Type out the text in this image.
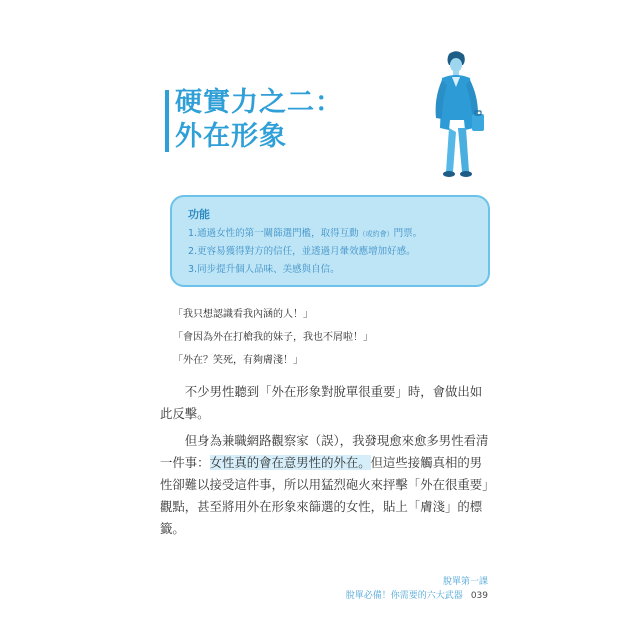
硬實力之二：
外在形象
功能
1.通過女性的第一關篩選門檻，取得互動（或約會）門票。
2.更容易獲得對方的信任，並透過月暈效應增加好感。
3.同步提升個人品味、美感與自信。
「我只想認識看我內涵的人！」
「會因為外在打槍我的妹子，我也不屑啦！」
「外在？笑死，有夠膚淺！」

不少男性聽到「外在形象對脫單很重要」時，會做出如此反擊。

但身為兼職網路觀察家（誤），我發現愈來愈多男性看清一件事：女性真的會在意男性的外在。但這些接觸真相的男性卻難以接受這件事，所以用猛烈砲火來抨擊「外在很重要」觀點，甚至將用外在形象來篩選的女性，貼上「膚淺」的標籤。

脫單第一課
脫單必備！你需要的六大武器 039
